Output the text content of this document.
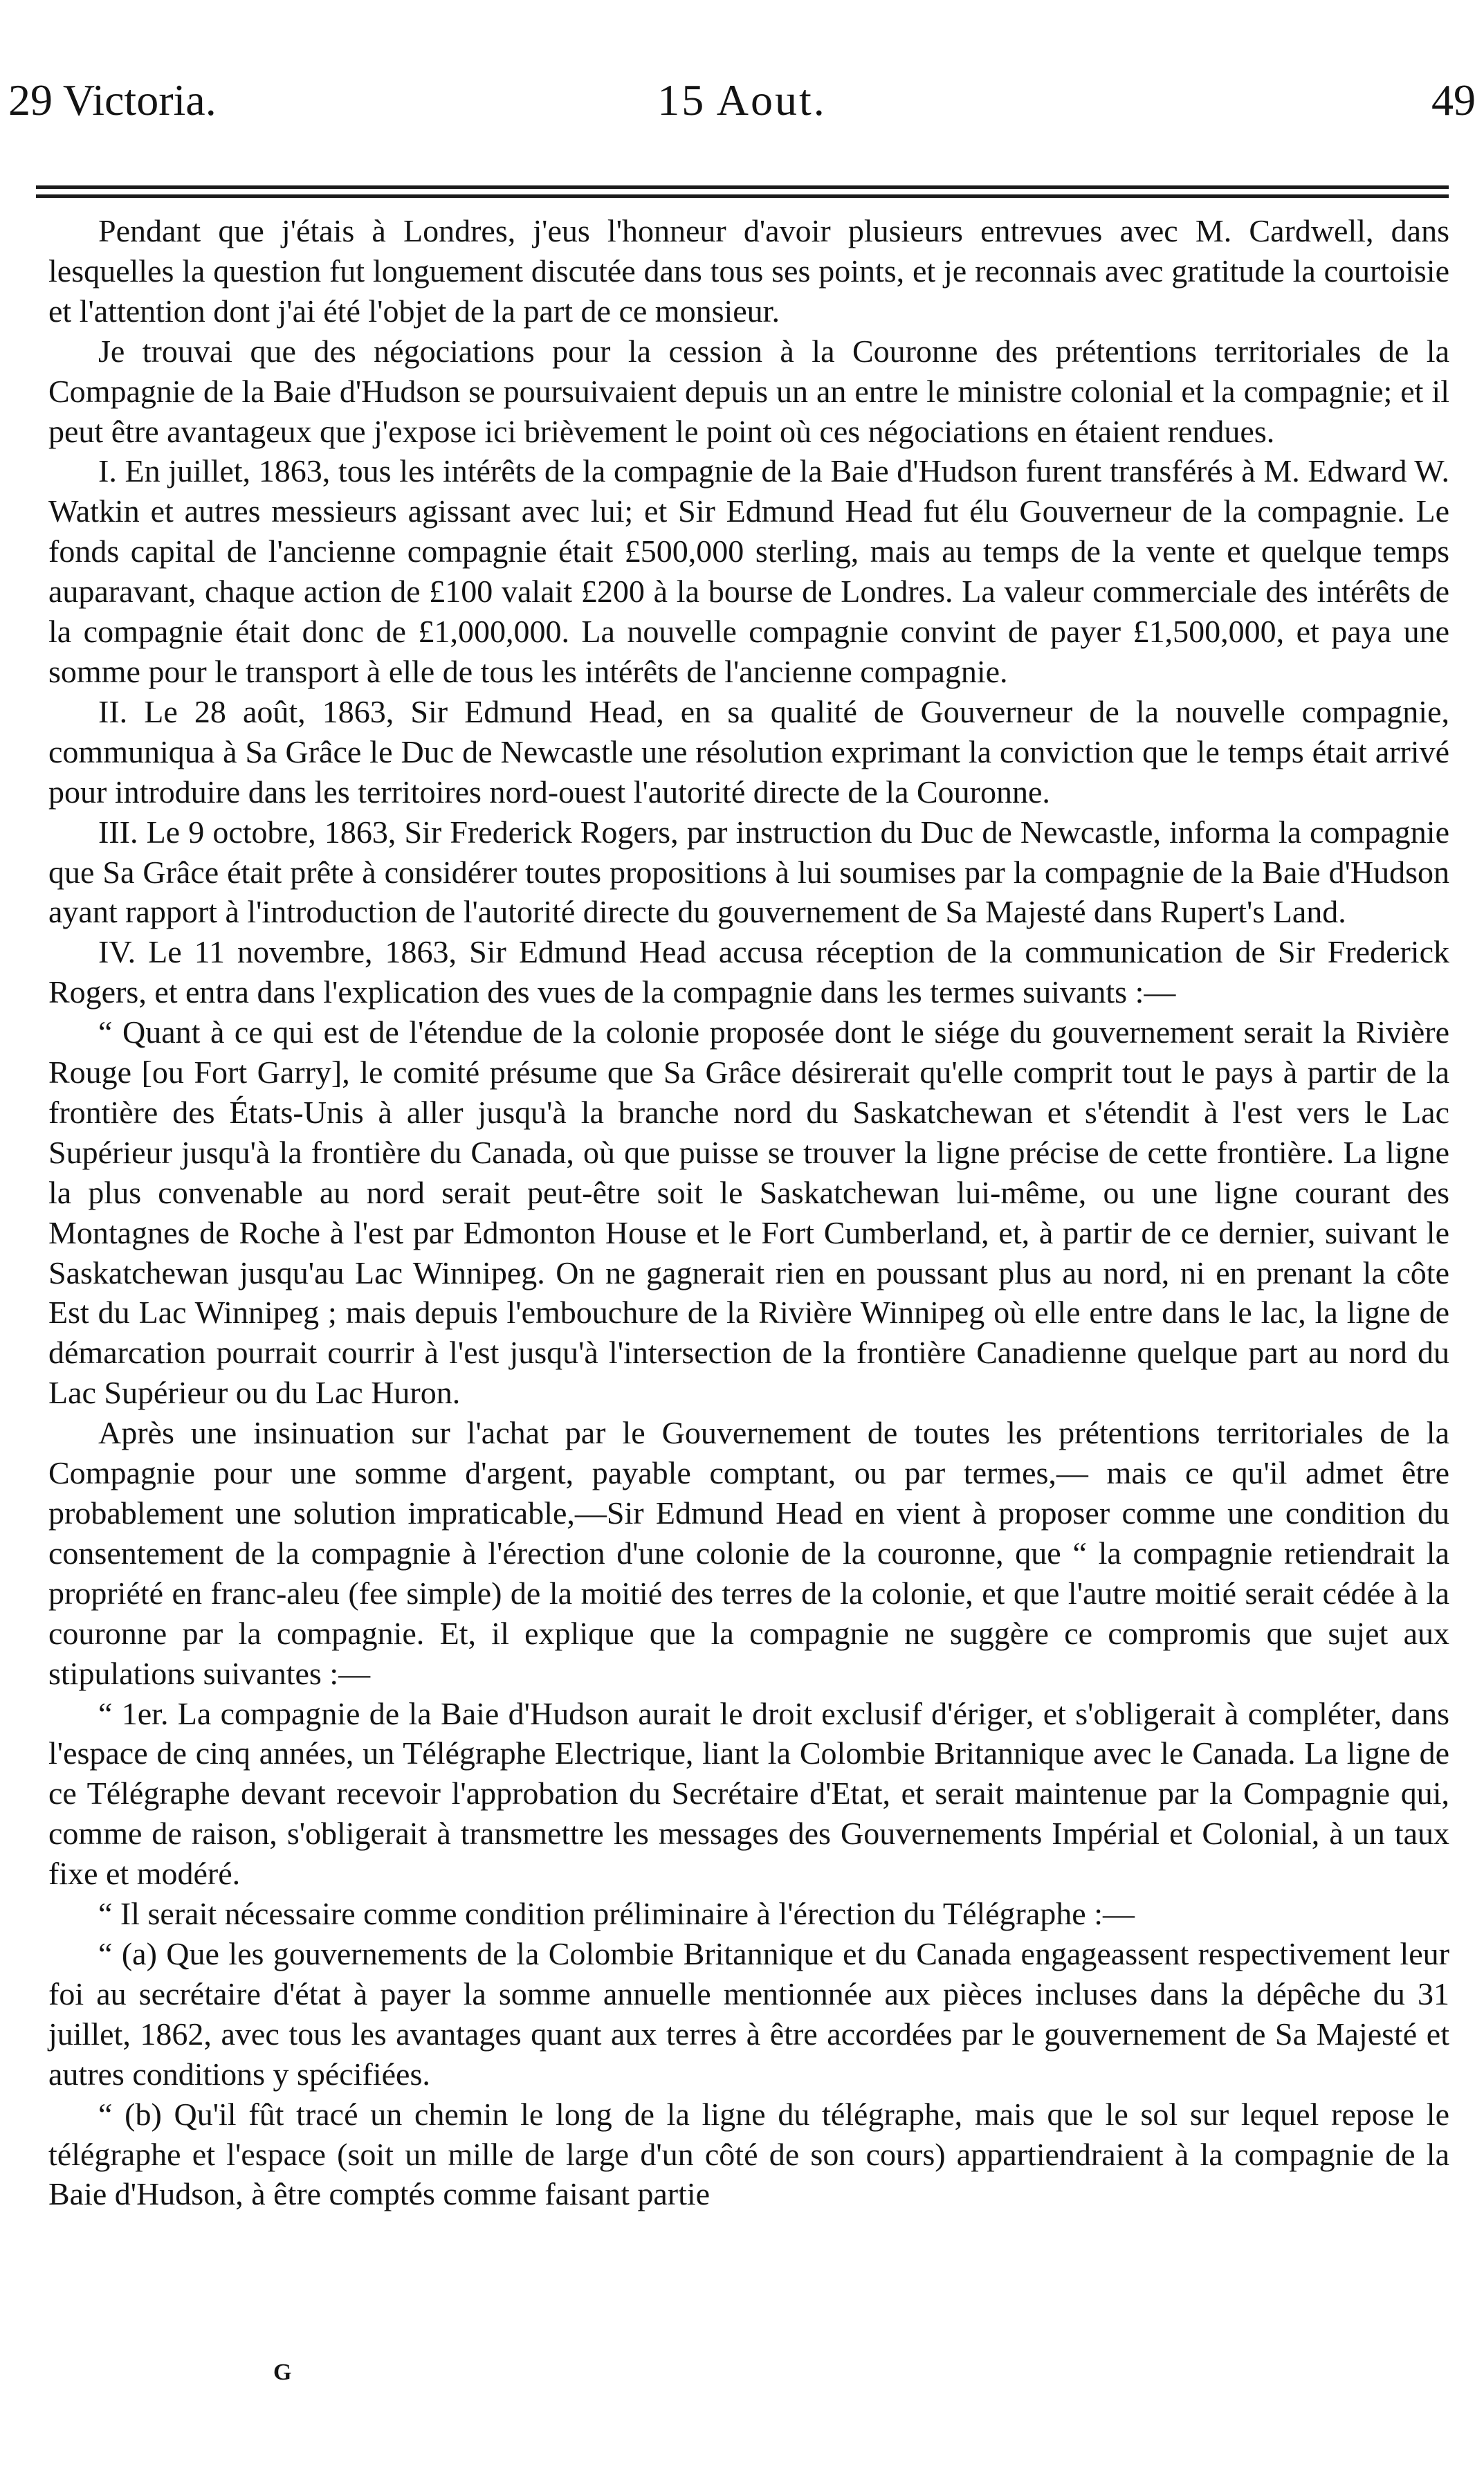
29 Victoria.	15 Aout.	49

Pendant que j'étais à Londres, j'eus l'honneur d'avoir plusieurs entrevues avec M. Cardwell, dans lesquelles la question fut longuement discutée dans tous ses points, et je reconnais avec gratitude la courtoisie et l'attention dont j'ai été l'objet de la part de ce monsieur.

Je trouvai que des négociations pour la cession à la Couronne des prétentions territoriales de la Compagnie de la Baie d'Hudson se poursuivaient depuis un an entre le ministre colonial et la compagnie; et il peut être avantageux que j'expose ici brièvement le point où ces négociations en étaient rendues.

I. En juillet, 1863, tous les intérêts de la compagnie de la Baie d'Hudson furent transférés à M. Edward W. Watkin et autres messieurs agissant avec lui; et Sir Edmund Head fut élu Gouverneur de la compagnie. Le fonds capital de l'ancienne compagnie était £500,000 sterling, mais au temps de la vente et quelque temps auparavant, chaque action de £100 valait £200 à la bourse de Londres. La valeur commerciale des intérêts de la compagnie était donc de £1,000,000. La nouvelle compagnie convint de payer £1,500,000, et paya une somme pour le transport à elle de tous les intérêts de l'ancienne compagnie.

II. Le 28 août, 1863, Sir Edmund Head, en sa qualité de Gouverneur de la nouvelle compagnie, communiqua à Sa Grâce le Duc de Newcastle une résolution exprimant la conviction que le temps était arrivé pour introduire dans les territoires nord-ouest l'autorité directe de la Couronne.

III. Le 9 octobre, 1863, Sir Frederick Rogers, par instruction du Duc de Newcastle, informa la compagnie que Sa Grâce était prête à considérer toutes propositions à lui soumises par la compagnie de la Baie d'Hudson ayant rapport à l'introduction de l'autorité directe du gouvernement de Sa Majesté dans Rupert's Land.

IV. Le 11 novembre, 1863, Sir Edmund Head accusa réception de la communication de Sir Frederick Rogers, et entra dans l'explication des vues de la compagnie dans les termes suivants :—

“ Quant à ce qui est de l'étendue de la colonie proposée dont le siége du gouvernement serait la Rivière Rouge [ou Fort Garry], le comité présume que Sa Grâce désirerait qu'elle comprit tout le pays à partir de la frontière des États-Unis à aller jusqu'à la branche nord du Saskatchewan et s'étendit à l'est vers le Lac Supérieur jusqu'à la frontière du Canada, où que puisse se trouver la ligne précise de cette frontière. La ligne la plus convenable au nord serait peut-être soit le Saskatchewan lui-même, ou une ligne courant des Montagnes de Roche à l'est par Edmonton House et le Fort Cumberland, et, à partir de ce dernier, suivant le Saskatchewan jusqu'au Lac Winnipeg. On ne gagnerait rien en poussant plus au nord, ni en prenant la côte Est du Lac Winnipeg ; mais depuis l'embouchure de la Rivière Winnipeg où elle entre dans le lac, la ligne de démarcation pourrait courrir à l'est jusqu'à l'intersection de la frontière Canadienne quelque part au nord du Lac Supérieur ou du Lac Huron.

Après une insinuation sur l'achat par le Gouvernement de toutes les prétentions territoriales de la Compagnie pour une somme d'argent, payable comptant, ou par termes,— mais ce qu'il admet être probablement une solution impraticable,—Sir Edmund Head en vient à proposer comme une condition du consentement de la compagnie à l'érection d'une colonie de la couronne, que “ la compagnie retiendrait la propriété en franc-aleu (fee simple) de la moitié des terres de la colonie, et que l'autre moitié serait cédée à la couronne par la compagnie. Et, il explique que la compagnie ne suggère ce compromis que sujet aux stipulations suivantes :—

“ 1er. La compagnie de la Baie d'Hudson aurait le droit exclusif d'ériger, et s'obligerait à compléter, dans l'espace de cinq années, un Télégraphe Electrique, liant la Colombie Britannique avec le Canada. La ligne de ce Télégraphe devant recevoir l'approbation du Secrétaire d'Etat, et serait maintenue par la Compagnie qui, comme de raison, s'obligerait à transmettre les messages des Gouvernements Impérial et Colonial, à un taux fixe et modéré.

“ Il serait nécessaire comme condition préliminaire à l'érection du Télégraphe :—

“ (a) Que les gouvernements de la Colombie Britannique et du Canada engageassent respectivement leur foi au secrétaire d'état à payer la somme annuelle mentionnée aux pièces incluses dans la dépêche du 31 juillet, 1862, avec tous les avantages quant aux terres à être accordées par le gouvernement de Sa Majesté et autres conditions y spécifiées.

“ (b) Qu'il fût tracé un chemin le long de la ligne du télégraphe, mais que le sol sur lequel repose le télégraphe et l'espace (soit un mille de large d'un côté de son cours) appartiendraient à la compagnie de la Baie d'Hudson, à être comptés comme faisant partie

G
